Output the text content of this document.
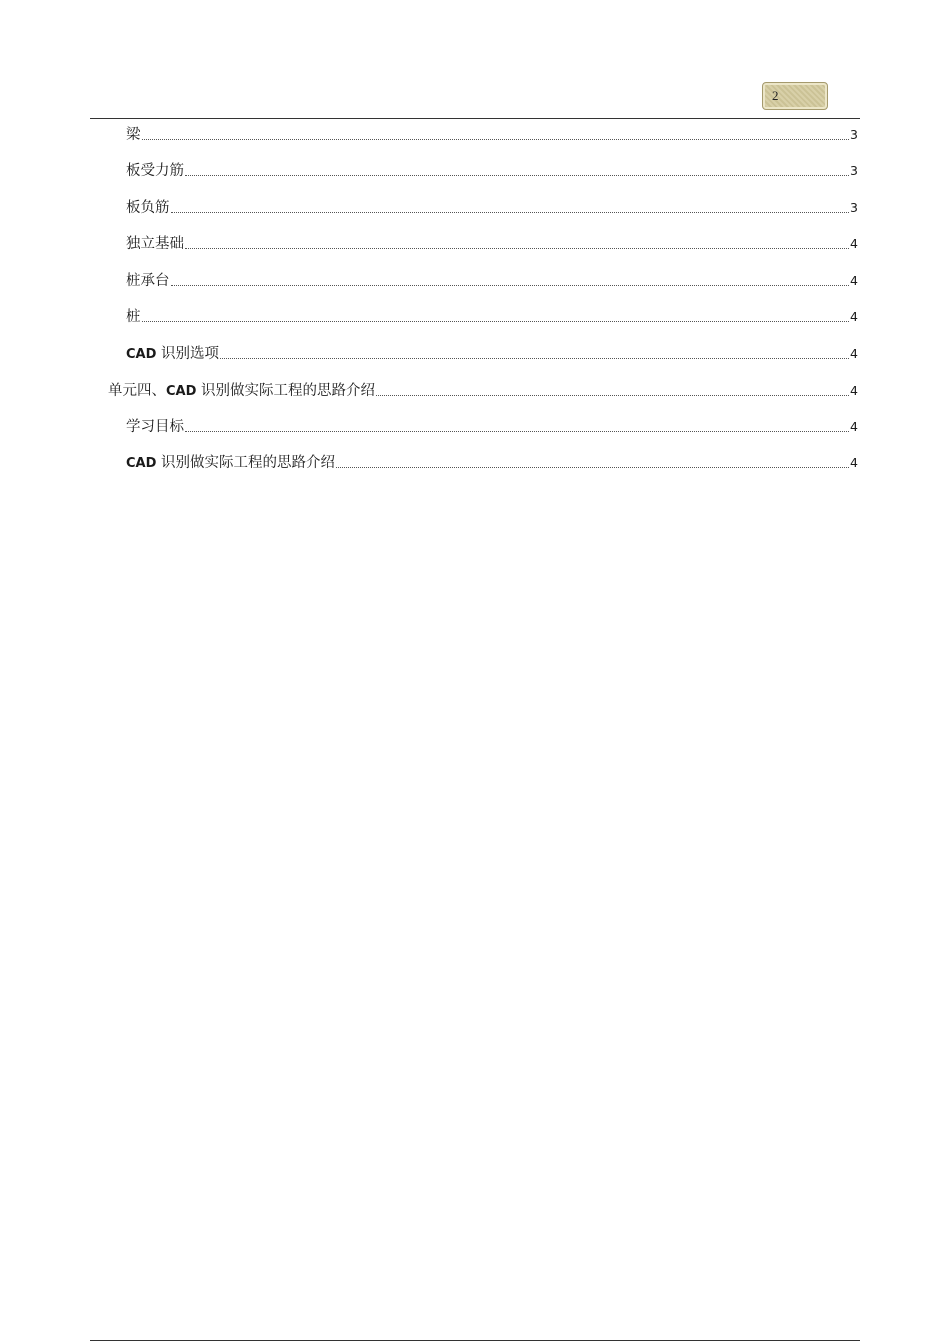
2
梁	3
板受力筋	3
板负筋	3
独立基础	4
桩承台	4
桩	4
CAD 识别选项	4
单元四、CAD 识别做实际工程的思路介绍	4
学习目标	4
CAD 识别做实际工程的思路介绍	4
